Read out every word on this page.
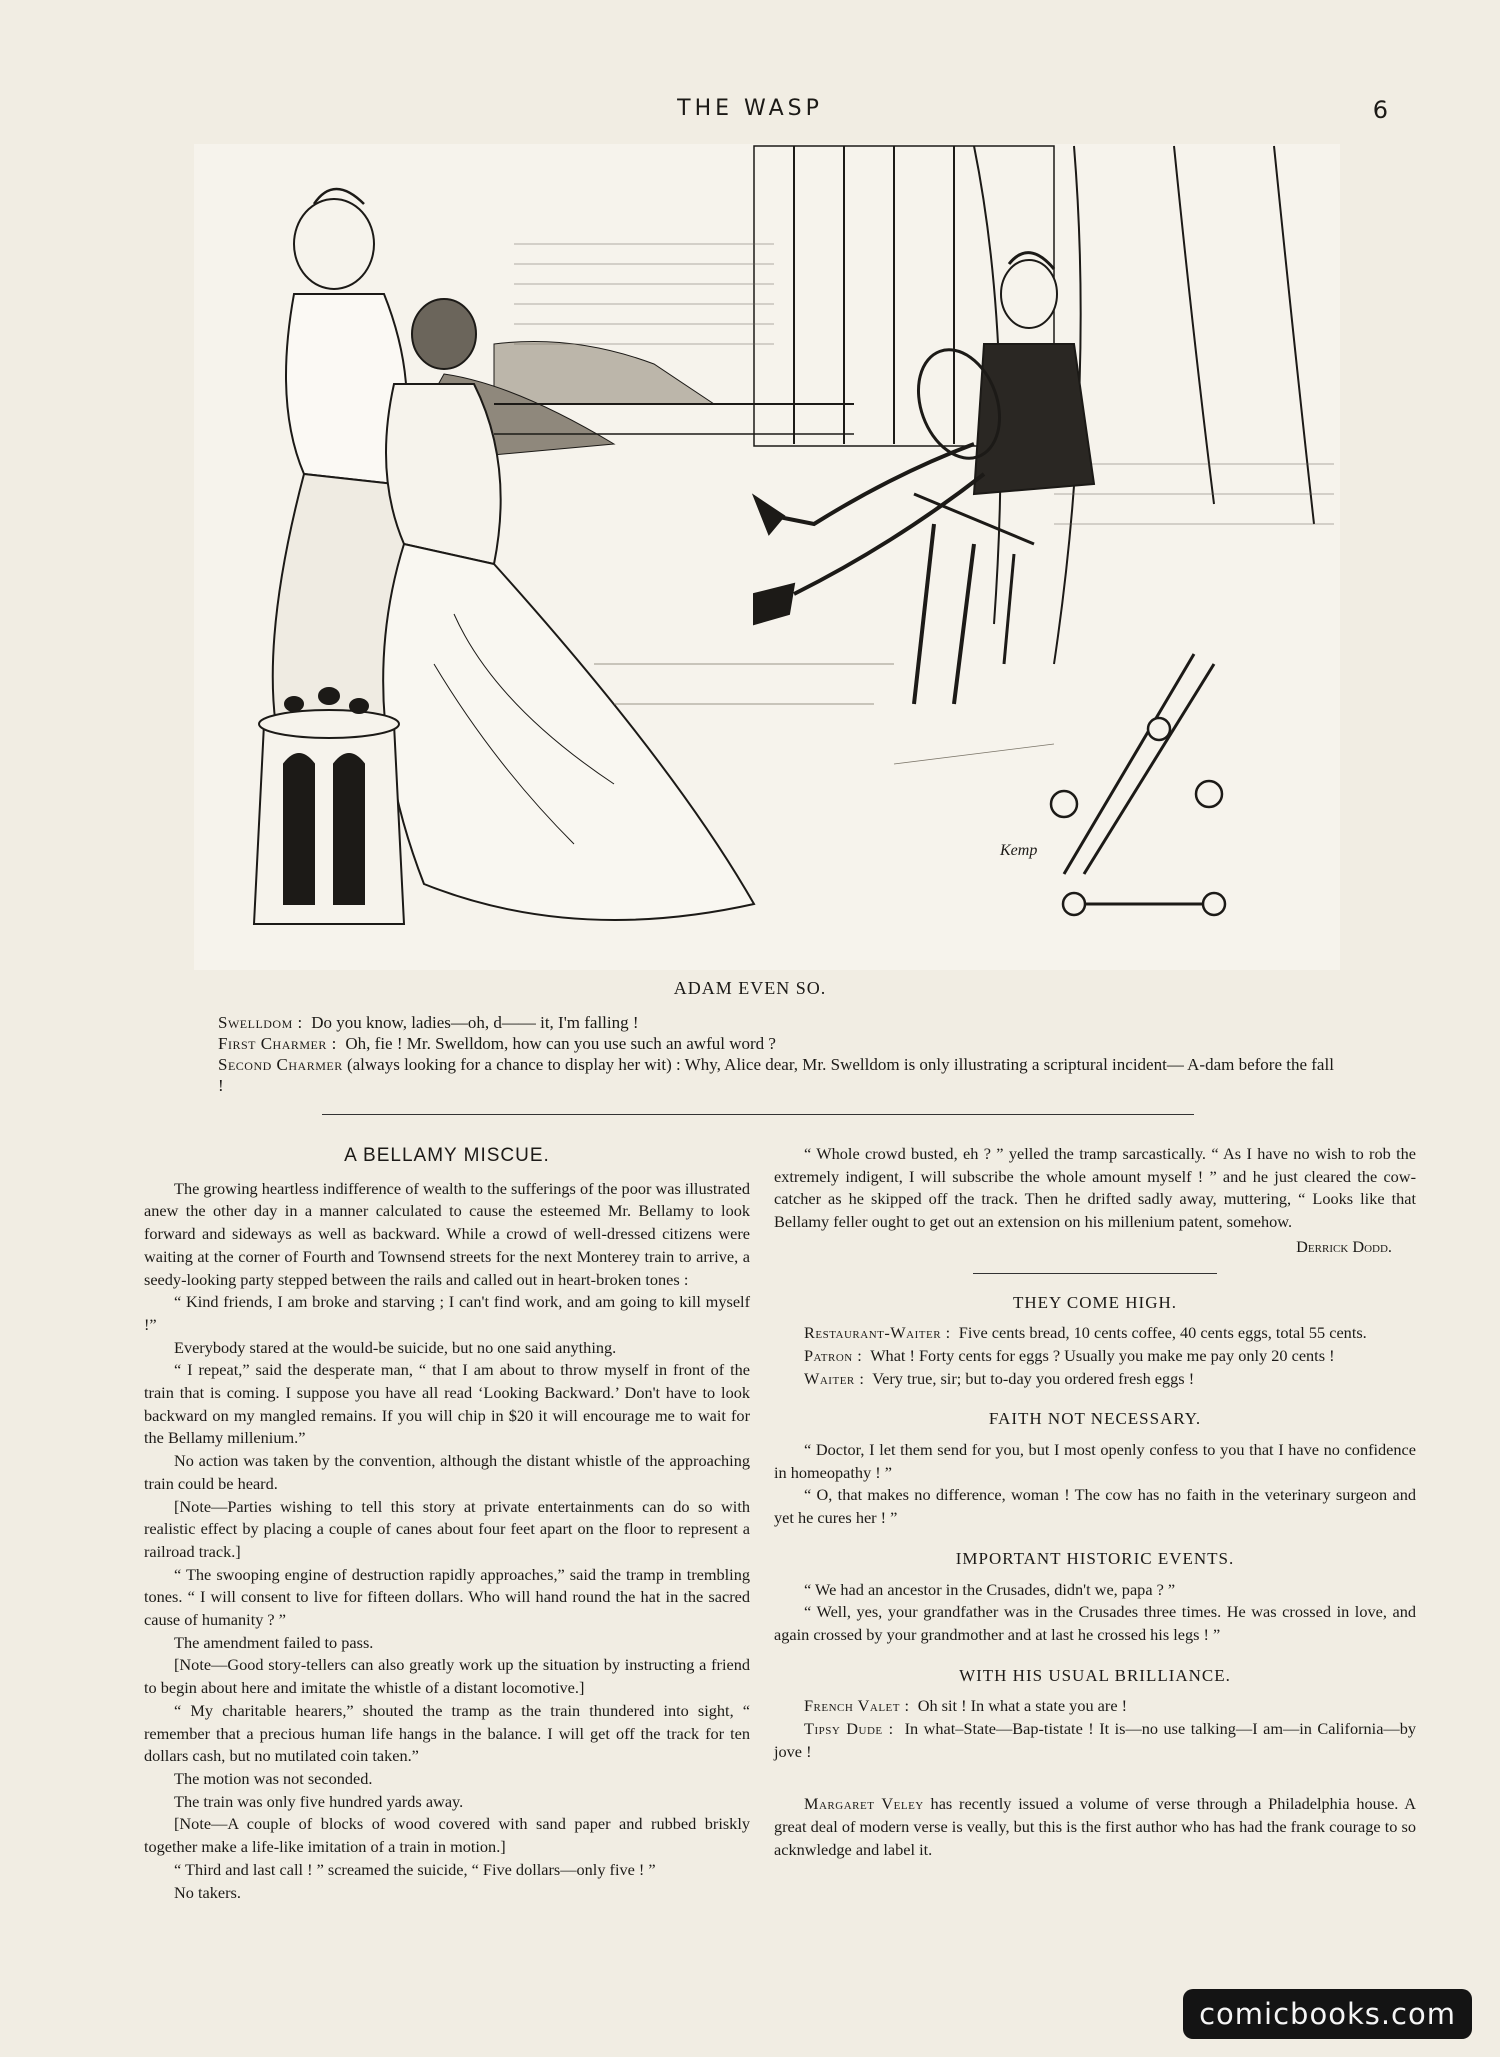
THE WASP	6
Kemp
ADAM EVEN SO.

Swelldom : Do you know, ladies—oh, d—— it, I'm falling !

First Charmer : Oh, fie ! Mr. Swelldom, how can you use such an awful word ?

Second Charmer (always looking for a chance to display her wit) : Why, Alice dear, Mr. Swelldom is only illustrating a scriptural incident— A-dam before the fall !

A BELLAMY MISCUE.

The growing heartless indifference of wealth to the sufferings of the poor was illustrated anew the other day in a manner calculated to cause the esteemed Mr. Bellamy to look forward and sideways as well as backward. While a crowd of well-dressed citizens were waiting at the corner of Fourth and Townsend streets for the next Monterey train to arrive, a seedy-looking party stepped between the rails and called out in heart-broken tones :

“ Kind friends, I am broke and starving ; I can't find work, and am going to kill myself !”

Everybody stared at the would-be suicide, but no one said anything.

“ I repeat,” said the desperate man, “ that I am about to throw myself in front of the train that is coming. I suppose you have all read ‘Looking Backward.’ Don't have to look backward on my mangled remains. If you will chip in $20 it will encourage me to wait for the Bellamy millenium.”

No action was taken by the convention, although the distant whistle of the approaching train could be heard.

[Note—Parties wishing to tell this story at private entertainments can do so with realistic effect by placing a couple of canes about four feet apart on the floor to represent a railroad track.]

“ The swooping engine of destruction rapidly approaches,” said the tramp in trembling tones. “ I will consent to live for fifteen dollars. Who will hand round the hat in the sacred cause of humanity ? ”

The amendment failed to pass.

[Note—Good story-tellers can also greatly work up the situation by instructing a friend to begin about here and imitate the whistle of a distant locomotive.]

“ My charitable hearers,” shouted the tramp as the train thundered into sight, “ remember that a precious human life hangs in the balance. I will get off the track for ten dollars cash, but no mutilated coin taken.”

The motion was not seconded.

The train was only five hundred yards away.

[Note—A couple of blocks of wood covered with sand paper and rubbed briskly together make a life-like imitation of a train in motion.]

“ Third and last call ! ” screamed the suicide, “ Five dollars—only five ! ”

No takers.

“ Whole crowd busted, eh ? ” yelled the tramp sarcastically. “ As I have no wish to rob the extremely indigent, I will subscribe the whole amount myself ! ” and he just cleared the cow-catcher as he skipped off the track. Then he drifted sadly away, muttering, “ Looks like that Bellamy feller ought to get out an extension on his millenium patent, somehow.

Derrick Dodd.
THEY COME HIGH.

Restaurant-Waiter : Five cents bread, 10 cents coffee, 40 cents eggs, total 55 cents.

Patron : What ! Forty cents for eggs ? Usually you make me pay only 20 cents !

Waiter : Very true, sir; but to-day you ordered fresh eggs !

FAITH NOT NECESSARY.

“ Doctor, I let them send for you, but I most openly confess to you that I have no confidence in homeopathy ! ”

“ O, that makes no difference, woman ! The cow has no faith in the veterinary surgeon and yet he cures her ! ”

IMPORTANT HISTORIC EVENTS.

“ We had an ancestor in the Crusades, didn't we, papa ? ”

“ Well, yes, your grandfather was in the Crusades three times. He was crossed in love, and again crossed by your grandmother and at last he crossed his legs ! ”

WITH HIS USUAL BRILLIANCE.

French Valet : Oh sit ! In what a state you are !

Tipsy Dude : In what–State—Bap-tistate ! It is—no use talking—I am—in California—by jove !

Margaret Veley has recently issued a volume of verse through a Philadelphia house. A great deal of modern verse is veally, but this is the first author who has had the frank courage to so acknwledge and label it.

comicbooks.com
